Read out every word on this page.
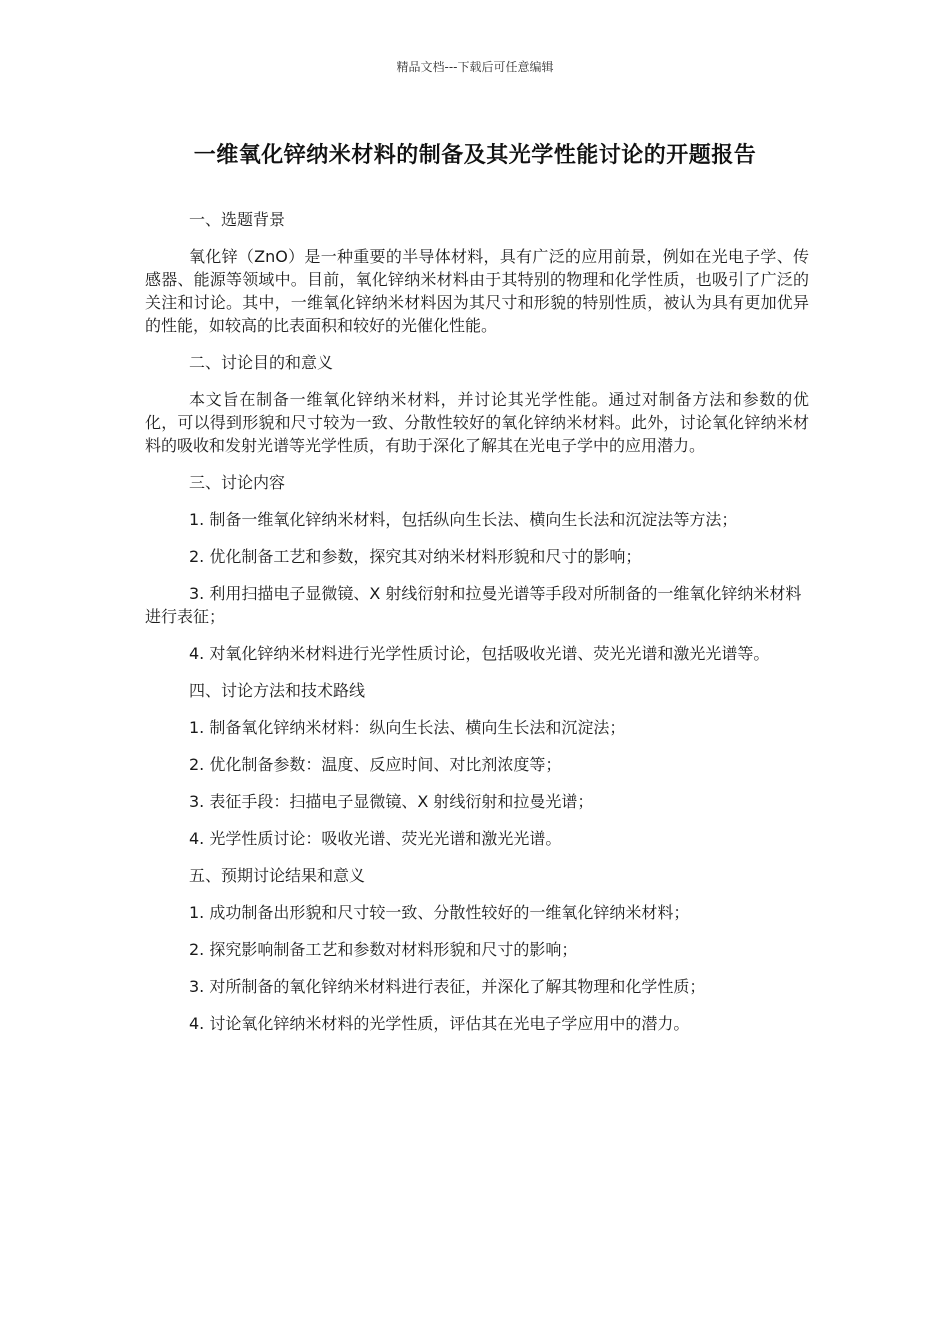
精品文档---下载后可任意编辑
一维氧化锌纳米材料的制备及其光学性能讨论的开题报告

一、选题背景

氧化锌（ZnO）是一种重要的半导体材料，具有广泛的应用前景，例如在光电子学、传感器、能源等领域中。目前，氧化锌纳米材料由于其特别的物理和化学性质，也吸引了广泛的关注和讨论。其中，一维氧化锌纳米材料因为其尺寸和形貌的特别性质，被认为具有更加优异的性能，如较高的比表面积和较好的光催化性能。

二、讨论目的和意义

本文旨在制备一维氧化锌纳米材料，并讨论其光学性能。通过对制备方法和参数的优化，可以得到形貌和尺寸较为一致、分散性较好的氧化锌纳米材料。此外，讨论氧化锌纳米材料的吸收和发射光谱等光学性质，有助于深化了解其在光电子学中的应用潜力。

三、讨论内容

1. 制备一维氧化锌纳米材料，包括纵向生长法、横向生长法和沉淀法等方法；

2. 优化制备工艺和参数，探究其对纳米材料形貌和尺寸的影响；

3. 利用扫描电子显微镜、X 射线衍射和拉曼光谱等手段对所制备的一维氧化锌纳米材料进行表征；

4. 对氧化锌纳米材料进行光学性质讨论，包括吸收光谱、荧光光谱和激光光谱等。

四、讨论方法和技术路线

1. 制备氧化锌纳米材料：纵向生长法、横向生长法和沉淀法；

2. 优化制备参数：温度、反应时间、对比剂浓度等；

3. 表征手段：扫描电子显微镜、X 射线衍射和拉曼光谱；

4. 光学性质讨论：吸收光谱、荧光光谱和激光光谱。

五、预期讨论结果和意义

1. 成功制备出形貌和尺寸较一致、分散性较好的一维氧化锌纳米材料；

2. 探究影响制备工艺和参数对材料形貌和尺寸的影响；

3. 对所制备的氧化锌纳米材料进行表征，并深化了解其物理和化学性质；

4. 讨论氧化锌纳米材料的光学性质，评估其在光电子学应用中的潜力。
